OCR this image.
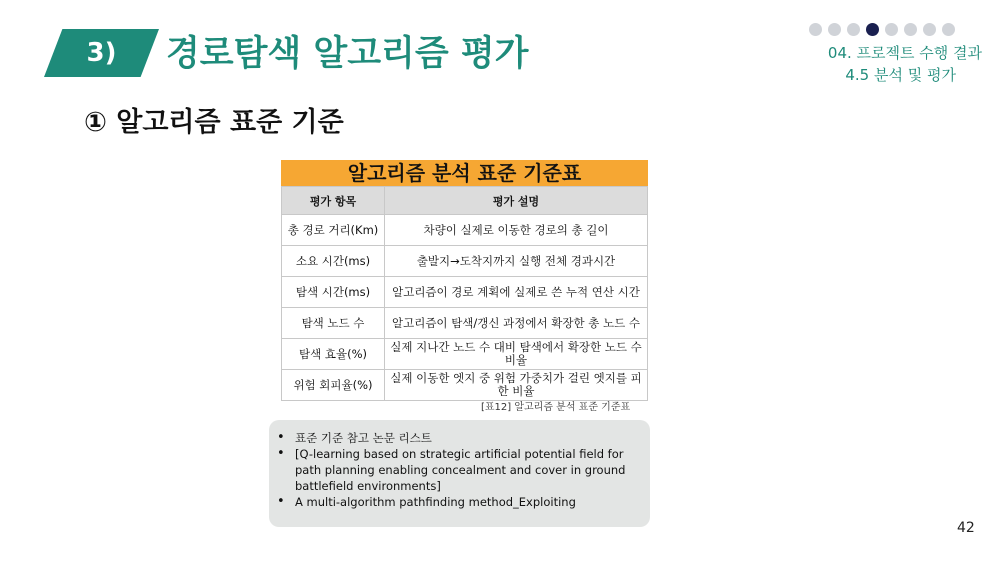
3)	경로탐색 알고리즘 평가	04. 프로젝트 수행 결과
4.5 분석 및 평가
① 알고리즘 표준 기준
알고리즘 분석 표준 기준표
평가 항목	평가 설명
총 경로 거리(Km)	차량이 실제로 이동한 경로의 총 길이
소요 시간(ms)	출발지→도착지까지 실행 전체 경과시간
탐색 시간(ms)	알고리즘이 경로 계획에 실제로 쓴 누적 연산 시간
탐색 노드 수	알고리즘이 탐색/갱신 과정에서 확장한 총 노드 수
탐색 효율(%)	실제 지나간 노드 수 대비 탐색에서 확장한 노드 수 비율
위험 회피율(%)	실제 이동한 엣지 중 위험 가중치가 걸린 엣지를 피한 비율
[표12] 알고리즘 분석 표준 기준표
• 표준 기준 참고 논문 리스트
• [Q-learning based on strategic artificial potential field for path planning enabling concealment and cover in ground battlefield environments]
• A multi-algorithm pathfinding method_Exploiting
42
